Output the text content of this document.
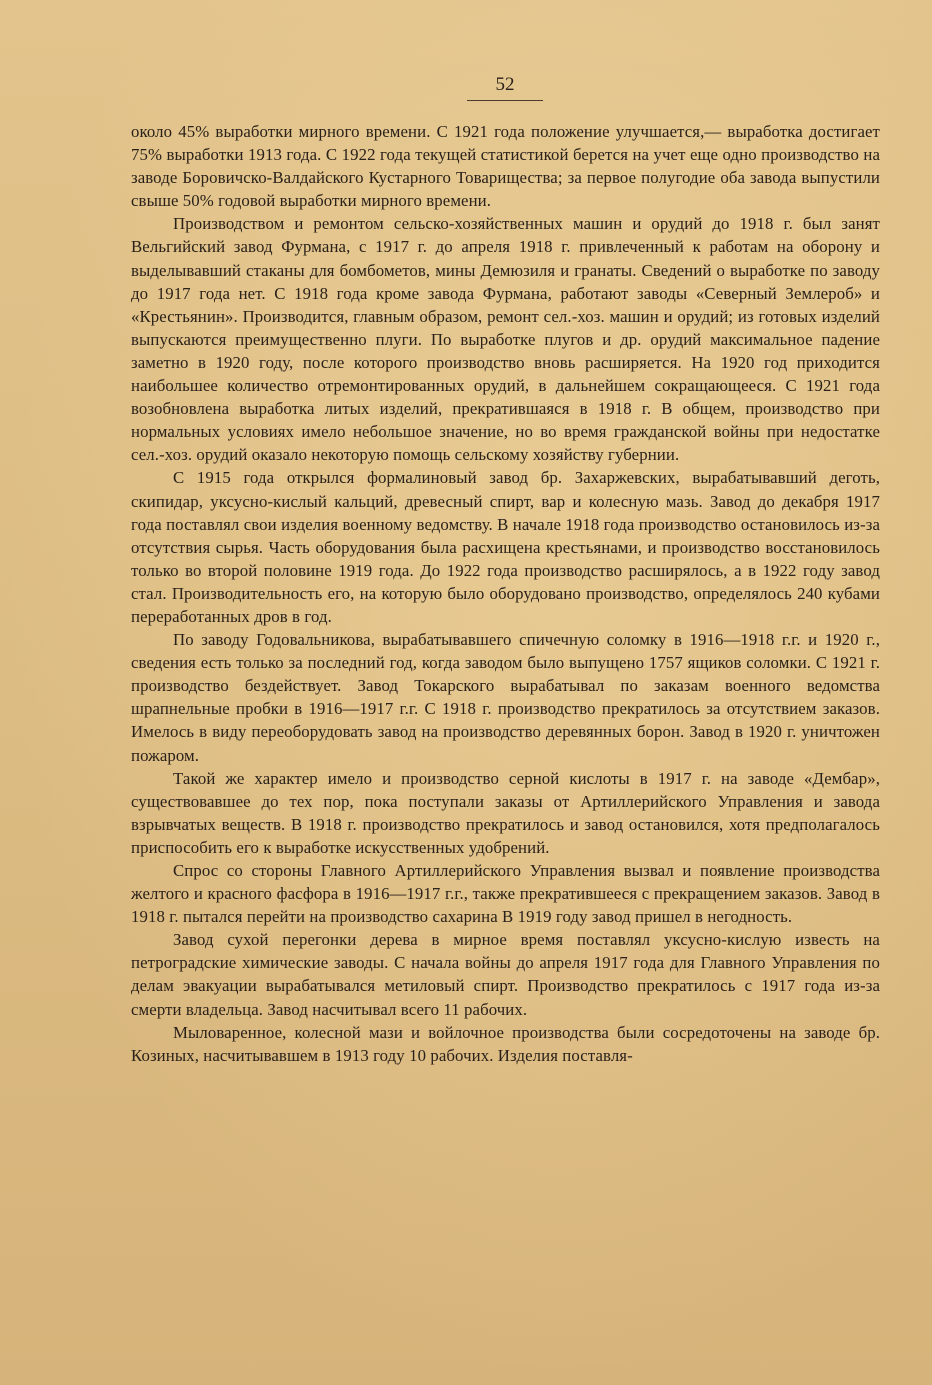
52

около 45% выработки мирного времени. С 1921 года положение улучшается,— выработка достигает 75% выработки 1913 года. С 1922 года текущей статистикой берется на учет еще одно производство на заводе Боровичско-Валдайского Кустарного Товарищества; за первое полугодие оба завода выпустили свыше 50% годовой выработки мирного времени.

Производством и ремонтом сельско-хозяйственных машин и орудий до 1918 г. был занят Вельгийский завод Фурмана, с 1917 г. до апреля 1918 г. привлеченный к работам на оборону и выделывавший стаканы для бомбометов, мины Демюзиля и гранаты. Сведений о выработке по заводу до 1917 года нет. С 1918 года кроме завода Фурмана, работают заводы «Северный Землероб» и «Крестьянин». Производится, главным образом, ремонт сел.-хоз. машин и орудий; из готовых изделий выпускаются преимущественно плуги. По выработке плугов и др. орудий максимальное падение заметно в 1920 году, после которого производство вновь расширяется. На 1920 год приходится наибольшее количество отремонтированных орудий, в дальнейшем сокращающееся. С 1921 года возобновлена выработка литых изделий, прекратившаяся в 1918 г. В общем, производство при нормальных условиях имело небольшое значение, но во время гражданской войны при недостатке сел.-хоз. орудий оказало некоторую помощь сельскому хозяйству губернии.

С 1915 года открылся формалиновый завод бр. Захаржевских, вырабатывавший деготь, скипидар, уксусно-кислый кальций, древесный спирт, вар и колесную мазь. Завод до декабря 1917 года поставлял свои изделия военному ведомству. В начале 1918 года производство остановилось из-за отсутствия сырья. Часть оборудования была расхищена крестьянами, и производство восстановилось только во второй половине 1919 года. До 1922 года производство расширялось, а в 1922 году завод стал. Производительность его, на которую было оборудовано производство, определялось 240 кубами переработанных дров в год.

По заводу Годовальникова, вырабатывавшего спичечную соломку в 1916—1918 г.г. и 1920 г., сведения есть только за последний год, когда заводом было выпущено 1757 ящиков соломки. С 1921 г. производство бездействует. Завод Токарского вырабатывал по заказам военного ведомства шрапнельные пробки в 1916—1917 г.г. С 1918 г. производство прекратилось за отсутствием заказов. Имелось в виду переоборудовать завод на производство деревянных борон. Завод в 1920 г. уничтожен пожаром.

Такой же характер имело и производство серной кислоты в 1917 г. на заводе «Дембар», существовавшее до тех пор, пока поступали заказы от Артиллерийского Управления и завода взрывчатых веществ. В 1918 г. производство прекратилось и завод остановился, хотя предполагалось приспособить его к выработке искусственных удобрений.

Спрос со стороны Главного Артиллерийского Управления вызвал и появление производства желтого и красного фасфора в 1916—1917 г.г., также прекратившееся с прекращением заказов. Завод в 1918 г. пытался перейти на производство сахарина В 1919 году завод пришел в негодность.

Завод сухой перегонки дерева в мирное время поставлял уксусно-кислую известь на петроградские химические заводы. С начала войны до апреля 1917 года для Главного Управления по делам эвакуации вырабатывался метиловый спирт. Производство прекратилось с 1917 года из-за смерти владельца. Завод насчитывал всего 11 рабочих.

Мыловаренное, колесной мази и войлочное производства были сосредоточены на заводе бр. Козиных, насчитывавшем в 1913 году 10 рабочих. Изделия поставля-
